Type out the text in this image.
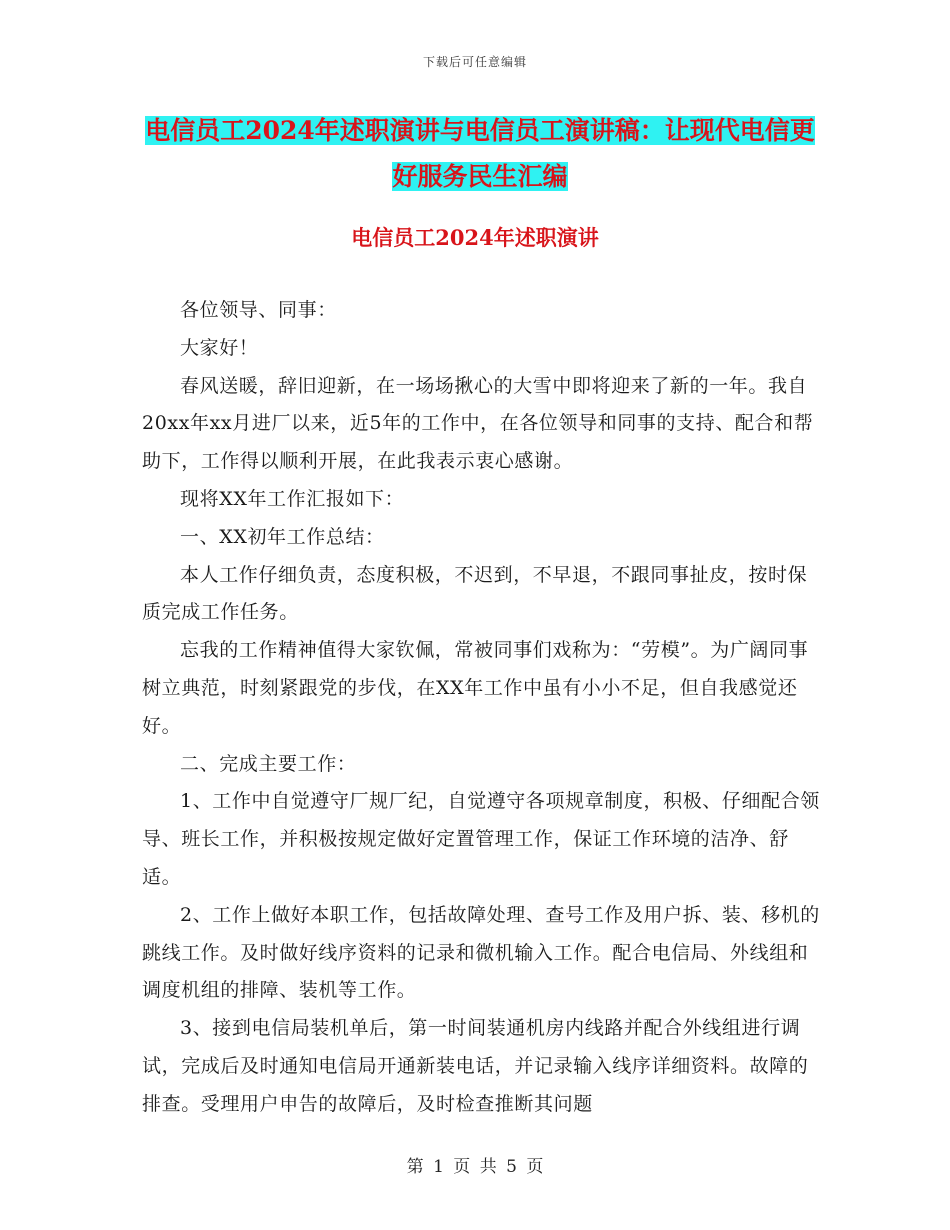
下载后可任意编辑
电信员工2024年述职演讲与电信员工演讲稿：让现代电信更好服务民生汇编
电信员工2024年述职演讲

各位领导、同事：

大家好！

春风送暖，辞旧迎新，在一场场揪心的大雪中即将迎来了新的一年。我自20xx年xx月进厂以来，近5年的工作中，在各位领导和同事的支持、配合和帮助下，工作得以顺利开展，在此我表示衷心感谢。

现将XX年工作汇报如下：

一、XX初年工作总结：

本人工作仔细负责，态度积极，不迟到，不早退，不跟同事扯皮，按时保质完成工作任务。

忘我的工作精神值得大家钦佩，常被同事们戏称为：“劳模”。为广阔同事树立典范，时刻紧跟党的步伐，在XX年工作中虽有小小不足，但自我感觉还好。

二、完成主要工作：

1、工作中自觉遵守厂规厂纪，自觉遵守各项规章制度，积极、仔细配合领导、班长工作，并积极按规定做好定置管理工作，保证工作环境的洁净、舒适。

2、工作上做好本职工作，包括故障处理、查号工作及用户拆、装、移机的跳线工作。及时做好线序资料的记录和微机输入工作。配合电信局、外线组和调度机组的排障、装机等工作。

3、接到电信局装机单后，第一时间装通机房内线路并配合外线组进行调试，完成后及时通知电信局开通新装电话，并记录输入线序详细资料。故障的排查。受理用户申告的故障后，及时检查推断其问题

第 1 页 共 5 页
